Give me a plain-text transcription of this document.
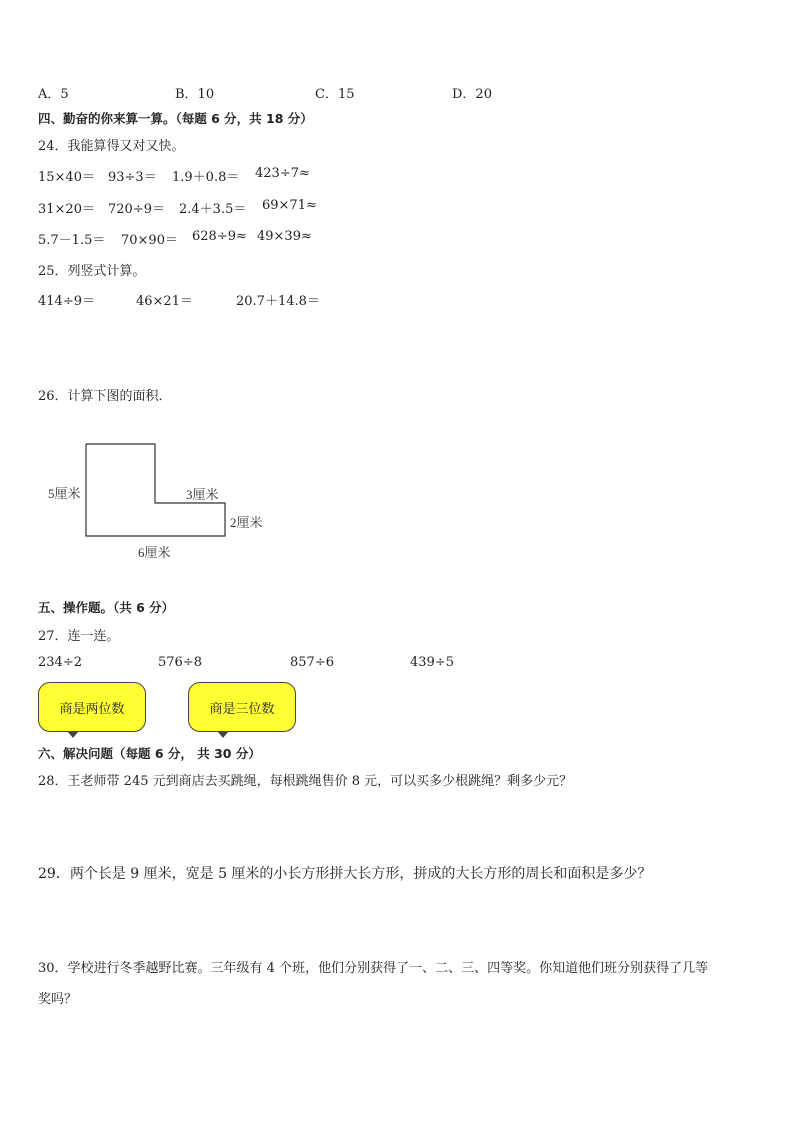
A．5	B．10	C．15	D．20
四、勤奋的你来算一算。（每题 6 分，共 18 分）
24．我能算得又对又快。
15×40＝ 93÷3＝ 1.9＋0.8＝ 423÷7≈
31×20＝ 720÷9＝ 2.4＋3.5＝ 69×71≈
5.7－1.5＝ 70×90＝ 628÷9≈ 49×39≈
25．列竖式计算。
414÷9＝	46×21＝	20.7＋14.8＝
26．计算下图的面积．
5厘米	3厘米
2厘米
6厘米
五、操作题。（共 6 分）
27．连一连。
234÷2	576÷8	857÷6	439÷5
商是两位数	商是三位数
六、解决问题（每题 6 分， 共 30 分）
28．王老师带 245 元到商店去买跳绳，每根跳绳售价 8 元，可以买多少根跳绳？剩多少元？
29．两个长是 9 厘米，宽是 5 厘米的小长方形拼大长方形，拼成的大长方形的周长和面积是多少？
30．学校进行冬季越野比赛。三年级有 4 个班，他们分别获得了一、二、三、四等奖。你知道他们班分别获得了几等
奖吗？
